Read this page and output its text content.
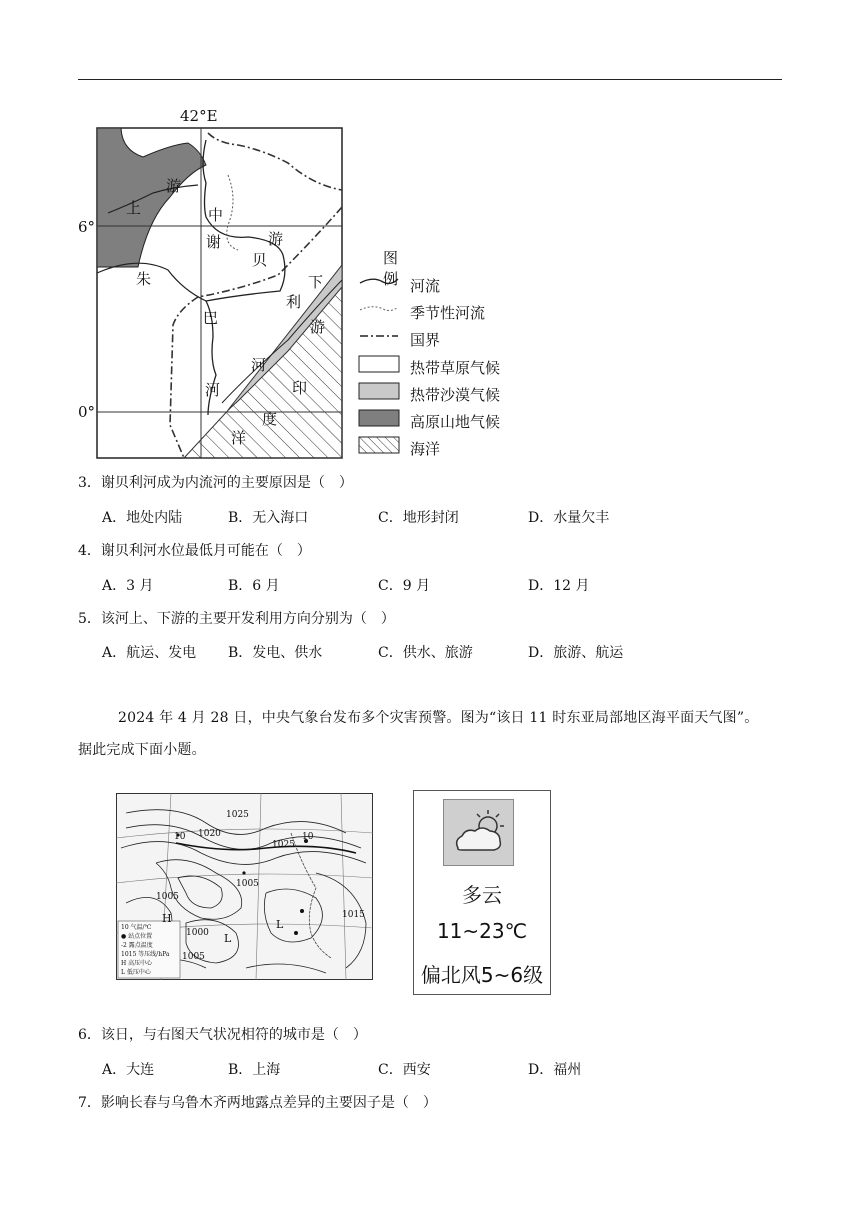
42°E
6°
0°
上
游
中
谢	游
贝
下
利
游
朱
巴
河
河
印
度
洋
图例 河流
季节性河流
国界
热带草原气候
热带沙漠气候
高原山地气候
海洋
3．谢贝利河成为内流河的主要原因是（　）
A．地处内陆	B．无入海口	C．地形封闭	D．水量欠丰
4．谢贝利河水位最低月可能在（　）
A．3 月	B．6 月	C．9 月	D．12 月
5．该河上、下游的主要开发利用方向分别为（　）
A．航运、发电 B．发电、供水	C．供水、旅游	D．旅游、航运
2024 年 4 月 28 日，中央气象台发布多个灾害预警。图为“该日 11 时东亚局部地区海平面天气图”。
据此完成下面小题。
1025
1020
1025
1005
1005
1000
1005
1015
10	10
H	L
L
10 气温/℃
● 站点位置
-2 露点温度
1015 等压线/hPa
H 高压中心
L 低压中心
多云
11~23℃
偏北风5~6级
6．该日，与右图天气状况相符的城市是（　）
A．大连	B．上海	C．西安	D．福州
7．影响长春与乌鲁木齐两地露点差异的主要因子是（　）
